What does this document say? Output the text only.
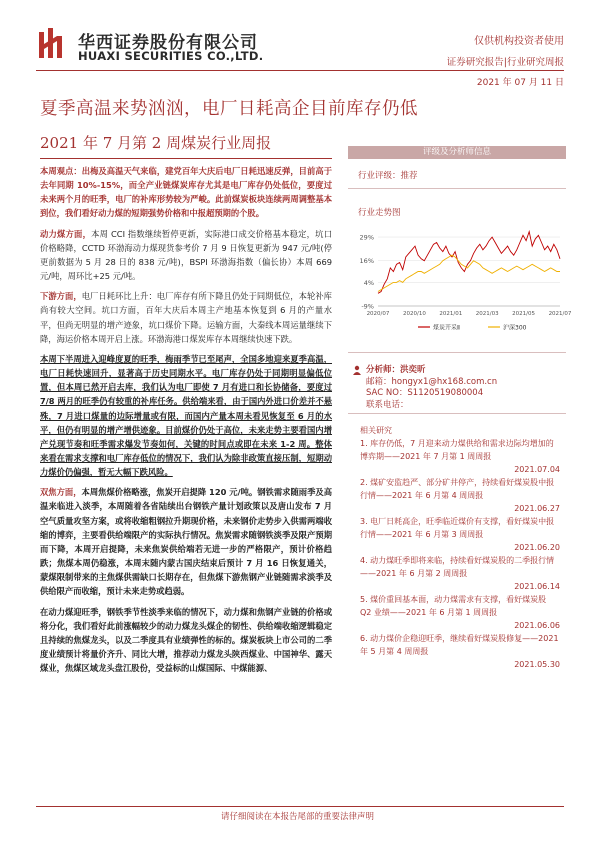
华西证券股份有限公司
HUAXI SECURITIES CO.,LTD.
仅供机构投资者使用
证券研究报告|行业研究周报
2021 年 07 月 11 日
夏季高温来势汹汹，电厂日耗高企目前库存仍低
2021 年 7 月第 2 周煤炭行业周报

本周观点：出梅及高温天气来临，建党百年大庆后电厂日耗迅速反弹，目前高于去年同期 10%-15%，而全产业链煤炭库存尤其是电厂库存仍处低位，要度过未来两个月的旺季，电厂的补库形势较为严峻。此前煤炭板块连续两周调整基本到位，我们看好动力煤的短期强势价格和中报超预期的个股。

动力煤方面，本周 CCI 指数继续暂停更新，实际港口成交价格基本稳定，坑口价格略降，CCTD 环渤海动力煤现货参考价 7 月 9 日恢复更新为 947 元/吨(停更前数据为 5 月 28 日的 838 元/吨)，BSPI 环渤海指数（偏长协）本周 669 元/吨，周环比+25 元/吨。

下游方面，电厂日耗环比上升：电厂库存有所下降且仍处于同期低位，本轮补库尚有较大空间。坑口方面，百年大庆后本周主产地基本恢复到 6 月的产量水平，但尚无明显的增产迹象，坑口煤价下降。运输方面，大秦线本周运量继续下降，海运价格本周开启上涨。环渤海港口煤炭库存本周继续快速下跌。

本周下半周进入迎峰度夏的旺季，梅雨季节已至尾声，全国多地迎来夏季高温，电厂日耗快速回升，显著高于历史同期水平。电厂库存仍处于同期明显偏低位置，但本周已然开启去库，我们认为电厂即使 7 月有进口和长协储备，要度过 7/8 两月的旺季仍有较重的补库任务。供给端来看，由于国内外进口价差并不悬殊，7 月进口煤量的边际增量或有限，而国内产量本周未看见恢复至 6 月的水平，但仍有明显的增产增供迹象。目前煤价仍处于高位，未来走势主要看国内增产兑现节奏和旺季需求爆发节奏如何，关键的时间点或即在未来 1-2 周。整体来看在需求支撑和电厂库存低位的情况下，我们认为除非政策直接压制，短期动力煤价仍偏强，暂无大幅下跌风险。

双焦方面，本周焦煤价格略涨，焦炭开启提降 120 元/吨。钢铁需求随雨季及高温来临进入淡季，本周随着各省陆续出台钢铁产量计划政策以及唐山发布 7 月空气质量攻坚方案，或将收缩粗钢拉升期现价格，未来钢价走势步入供需两端收缩的博弈，主要看供给端限产的实际执行情况。焦炭需求随钢铁淡季及限产预期而下降，本周开启提降，未来焦炭供给端若无进一步的严格限产，预计价格趋跌；焦煤本周仍稳涨，本周末随内蒙古国庆结束后预计 7 月 16 日恢复通关，蒙煤限制带来的主焦煤供需缺口长期存在，但焦煤下游焦钢产业链随需求淡季及供给限产而收缩，预计未来走势或趋弱。

在动力煤迎旺季，钢铁季节性淡季来临的情况下，动力煤和焦钢产业链的价格或将分化，我们看好此前涨幅较少的动力煤龙头煤企的韧性、供给端收缩逻辑稳定且持续的焦煤龙头，以及二季度具有业绩弹性的标的。煤炭板块上市公司的二季度业绩预计将量价齐升、同比大增，推荐动力煤龙头陕西煤业、中国神华、露天煤业，焦煤区域龙头盘江股份，受益标的山煤国际、中煤能源、

评级及分析师信息
行业评级：推荐
行业走势图
-9%
4%
16%
29%
2020/07 2020/10 2021/01 2021/03 2021/05 2021/07
煤炭开采Ⅱ	沪深300
分析师：洪奕昕
邮箱：hongyx1@hx168.com.cn
SAC NO：S1120519080004
联系电话：
相关研究
1. 库存仍低，7 月迎来动力煤供给和需求边际均增加的博弈期——2021 年 7 月第 1 周周报
2021.07.04
2. 煤矿安监趋严、部分矿井停产，持续看好煤炭股中报行情——2021 年 6 月第 4 周周报
2021.06.27
3. 电厂日耗高企，旺季临近煤价有支撑，看好煤炭中报行情——2021 年 6 月第 3 周周报
2021.06.20
4. 动力煤旺季即将来临，持续看好煤炭股的二季报行情——2021 年 6 月第 2 周周报
2021.06.14
5. 煤价重回基本面，动力煤需求有支撑，看好煤炭股 Q2 业绩——2021 年 6 月第 1 周周报
2021.06.06
6. 动力煤价企稳迎旺季，继续看好煤炭股修复——2021 年 5 月第 4 周周报
2021.05.30
请仔细阅读在本报告尾部的重要法律声明
